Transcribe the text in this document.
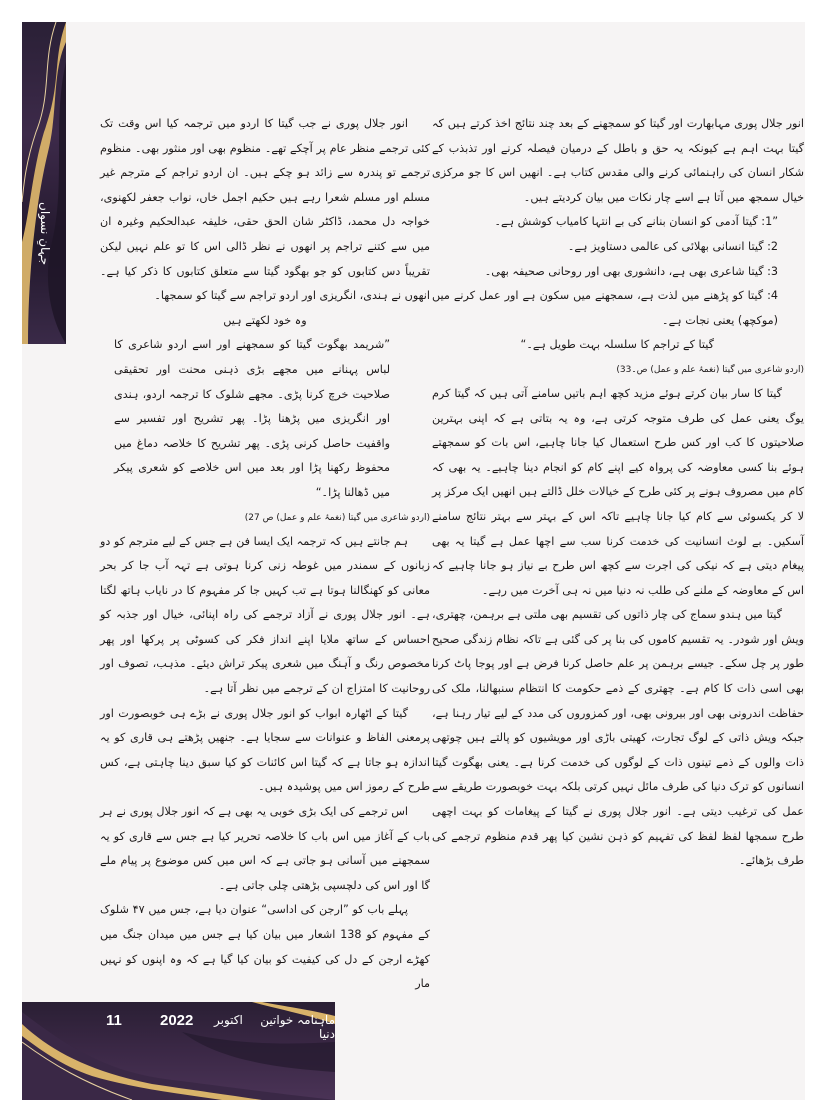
جہانِ نسواں

انور جلال پوری مہابھارت اور گیتا کو سمجھنے کے بعد چند نتائج اخذ کرتے ہیں کہ گیتا بہت اہم ہے کیونکہ یہ حق و باطل کے درمیان فیصلہ کرنے اور تذبذب کے شکار انسان کی راہنمائی کرنے والی مقدس کتاب ہے۔ انھیں اس کا جو مرکزی خیال سمجھ میں آتا ہے اسے چار نکات میں بیان کردیتے ہیں۔

”1: گیتا آدمی کو انسان بنانے کی بے انتہا کامیاب کوشش ہے۔

2: گیتا انسانی بھلائی کی عالمی دستاویز ہے۔

3: گیتا شاعری بھی ہے، دانشوری بھی اور روحانی صحیفہ بھی۔

4: گیتا کو پڑھنے میں لذت ہے، سمجھنے میں سکون ہے اور عمل کرنے میں (موکچھ) یعنی نجات ہے۔

گیتا کے تراجم کا سلسلہ بہت طویل ہے۔“

(اردو شاعری میں گیتا (نغمۂ علم و عمل) ص۔33)

گیتا کا سار بیان کرتے ہوئے مزید کچھ اہم باتیں سامنے آتی ہیں کہ گیتا کرم یوگ یعنی عمل کی طرف متوجہ کرتی ہے، وہ یہ بتاتی ہے کہ اپنی بہترین صلاحیتوں کا کب اور کس طرح استعمال کیا جانا چاہیے، اس بات کو سمجھتے ہوئے بنا کسی معاوضہ کی پرواہ کیے اپنے کام کو انجام دینا چاہیے۔ یہ بھی کہ کام میں مصروف ہونے پر کئی طرح کے خیالات خلل ڈالتے ہیں انھیں ایک مرکز پر لا کر یکسوئی سے کام کیا جانا چاہیے تاکہ اس کے بہتر سے بہتر نتائج سامنے آسکیں۔ بے لوث انسانیت کی خدمت کرنا سب سے اچھا عمل ہے گیتا یہ بھی پیغام دیتی ہے کہ نیکی کی اجرت سے کچھ اس طرح بے نیاز ہو جانا چاہیے کہ اس کے معاوضہ کے ملنے کی طلب نہ دنیا میں نہ ہی آخرت میں رہے۔

گیتا میں ہندو سماج کی چار ذاتوں کی تقسیم بھی ملتی ہے برہمن، چھتری، ویش اور شودر۔ یہ تقسیم کاموں کی بنا پر کی گئی ہے تاکہ نظام زندگی صحیح طور پر چل سکے۔ جیسے برہمن پر علم حاصل کرنا فرض ہے اور پوجا پاٹ کرنا بھی اسی ذات کا کام ہے۔ چھتری کے ذمے حکومت کا انتظام سنبھالنا، ملک کی حفاظت اندرونی بھی اور بیرونی بھی، اور کمزوروں کی مدد کے لیے تیار رہنا ہے، جبکہ ویش ذاتی کے لوگ تجارت، کھیتی باڑی اور مویشیوں کو پالتے ہیں چوتھی ذات والوں کے ذمے تینوں ذات کے لوگوں کی خدمت کرنا ہے۔ یعنی بھگوت گیتا انسانوں کو ترک دنیا کی طرف مائل نہیں کرتی بلکہ بہت خوبصورت طریقے سے عمل کی ترغیب دیتی ہے۔ انور جلال پوری نے گیتا کے پیغامات کو بہت اچھی طرح سمجھا لفظ لفظ کی تفہیم کو ذہن نشین کیا پھر قدم منظوم ترجمے کی طرف بڑھائے۔

انور جلال پوری نے جب گیتا کا اردو میں ترجمہ کیا اس وقت تک کئی ترجمے منظر عام پر آچکے تھے۔ منظوم بھی اور منثور بھی۔ منظوم ترجمے تو پندرہ سے زائد ہو چکے ہیں۔ ان اردو تراجم کے مترجم غیر مسلم اور مسلم شعرا رہے ہیں حکیم اجمل خاں، نواب جعفر لکھنوی، خواجہ دل محمد، ڈاکٹر شان الحق حقی، خلیفہ عبدالحکیم وغیرہ ان میں سے کتنے تراجم پر انھوں نے نظر ڈالی اس کا تو علم نہیں لیکن تقریباً دس کتابوں کو جو بھگود گیتا سے متعلق کتابوں کا ذکر کیا ہے۔ انھوں نے ہندی، انگریزی اور اردو تراجم سے گیتا کو سمجھا۔

وہ خود لکھتے ہیں

”شریمد بھگوت گیتا کو سمجھنے اور اسے اردو شاعری کا لباس پہنانے میں مجھے بڑی ذہنی محنت اور تحقیقی صلاحیت خرچ کرنا پڑی۔ مجھے شلوک کا ترجمہ اردو، ہندی اور انگریزی میں پڑھنا پڑا۔ پھر تشریح اور تفسیر سے واقفیت حاصل کرنی پڑی۔ پھر تشریح کا خلاصہ دماغ میں محفوظ رکھنا پڑا اور بعد میں اس خلاصے کو شعری پیکر میں ڈھالنا پڑا۔“

(اردو شاعری میں گیتا (نغمۂ علم و عمل) ص 27)

ہم جانتے ہیں کہ ترجمہ ایک ایسا فن ہے جس کے لیے مترجم کو دو زبانوں کے سمندر میں غوطہ زنی کرنا ہوتی ہے تہہ آب جا کر بحر معانی کو کھنگالنا ہوتا ہے تب کہیں جا کر مفہوم کا در نایاب ہاتھ لگتا ہے۔ انور جلال پوری نے آزاد ترجمے کی راہ اپنائی، خیال اور جذبہ کو احساس کے ساتھ ملایا اپنے انداز فکر کی کسوٹی پر پرکھا اور پھر مخصوص رنگ و آہنگ میں شعری پیکر تراش دیئے۔ مذہب، تصوف اور روحانیت کا امتزاج ان کے ترجمے میں نظر آتا ہے۔

گیتا کے اٹھارہ ابواب کو انور جلال پوری نے بڑے ہی خوبصورت اور پرمعنی الفاظ و عنوانات سے سجایا ہے۔ جنھیں پڑھتے ہی قاری کو یہ اندازہ ہو جاتا ہے کہ گیتا اس کائنات کو کیا سبق دینا چاہتی ہے، کس طرح کے رموز اس میں پوشیدہ ہیں۔

اس ترجمے کی ایک بڑی خوبی یہ بھی ہے کہ انور جلال پوری نے ہر باب کے آغاز میں اس باب کا خلاصہ تحریر کیا ہے جس سے قاری کو یہ سمجھنے میں آسانی ہو جاتی ہے کہ اس میں کس موضوع پر پیام ملے گا اور اس کی دلچسپی بڑھتی چلی جاتی ہے۔

پہلے باب کو ”ارجن کی اداسی“ عنوان دیا ہے، جس میں ۴۷ شلوک کے مفہوم کو 138 اشعار میں بیان کیا ہے جس میں میدان جنگ میں کھڑے ارجن کے دل کی کیفیت کو بیان کیا گیا ہے کہ وہ اپنوں کو نہیں مار

11	2022 اکتوبر ماہنامہ خواتین دنیا
